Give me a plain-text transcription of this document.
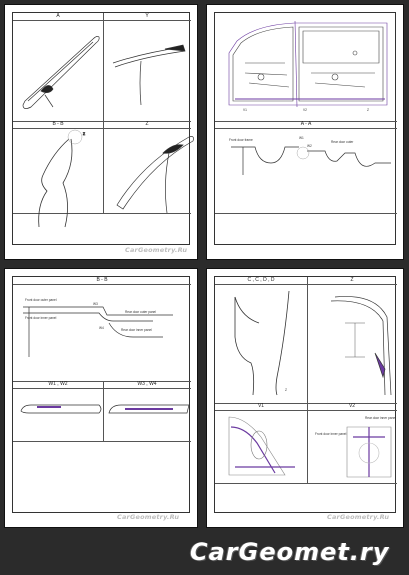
A	Y
B - B	Z
Z
CarGeometry.Ru
A - A
V1	V2	Z
Front door frame	Rear door outer
W1
W2
B - B
W1 , W2	W3 , W4
Front door outer panel
Front door inner panel
Rear door outer panel
Rear door inner panel
W3
W4
CarGeometry.Ru
C , C , D , D	Z
V1	V2
Z
Front door inner panel
Rear door inner panel
CarGeometry.Ru
CarGeomet.ry
